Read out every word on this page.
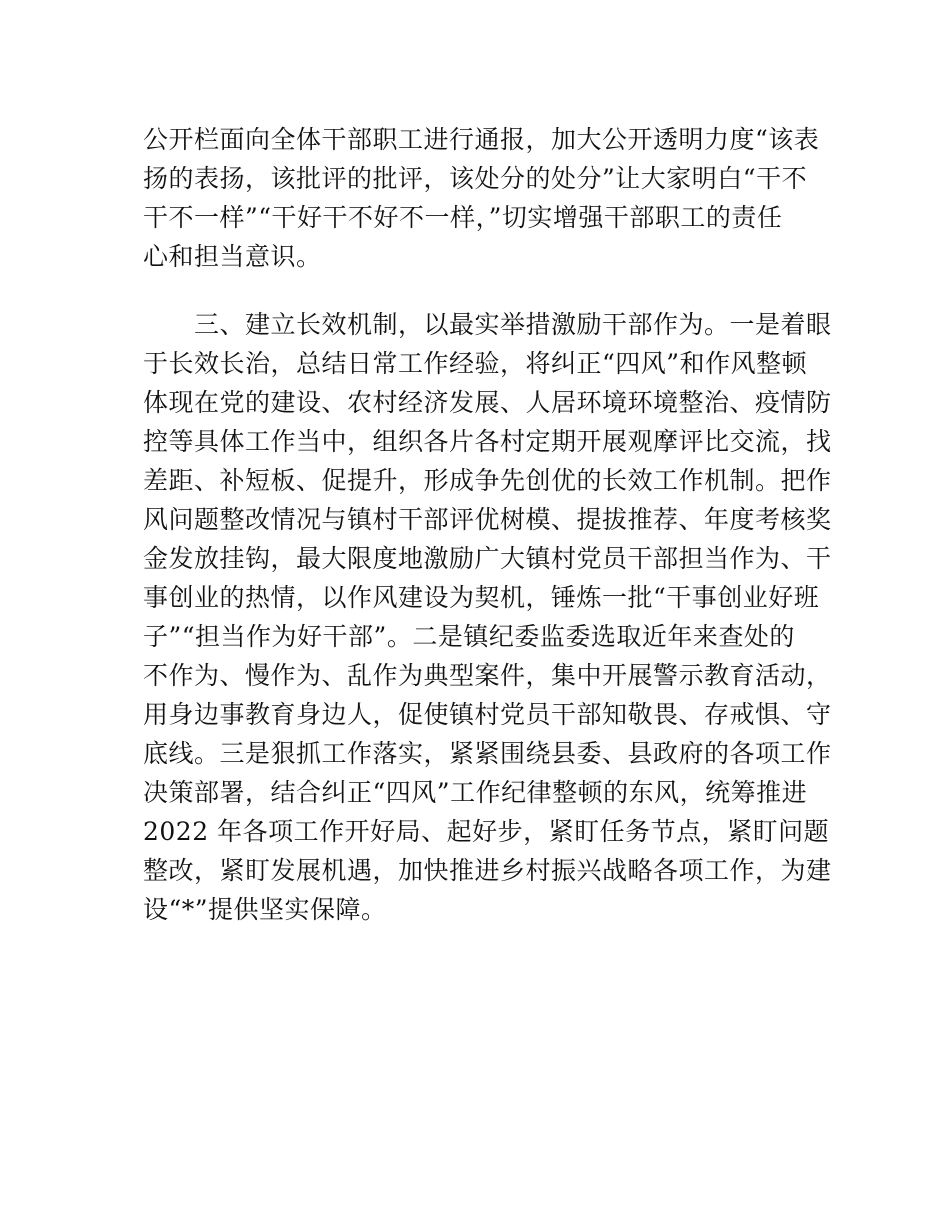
公开栏面向全体干部职工进行通报，加大公开透明力度“该表
扬的表扬，该批评的批评，该处分的处分”让大家明白“干不
干不一样”“干好干不好不一样，”切实增强干部职工的责任
心和担当意识。
　　三、建立长效机制，以最实举措激励干部作为。一是着眼
于长效长治，总结日常工作经验，将纠正“四风”和作风整顿
体现在党的建设、农村经济发展、人居环境环境整治、疫情防
控等具体工作当中，组织各片各村定期开展观摩评比交流，找
差距、补短板、促提升，形成争先创优的长效工作机制。把作
风问题整改情况与镇村干部评优树模、提拔推荐、年度考核奖
金发放挂钩，最大限度地激励广大镇村党员干部担当作为、干
事创业的热情，以作风建设为契机，锤炼一批“干事创业好班
子”“担当作为好干部”。二是镇纪委监委选取近年来查处的
不作为、慢作为、乱作为典型案件，集中开展警示教育活动，
用身边事教育身边人，促使镇村党员干部知敬畏、存戒惧、守
底线。三是狠抓工作落实，紧紧围绕县委、县政府的各项工作
决策部署，结合纠正“四风”工作纪律整顿的东风，统筹推进
2022 年各项工作开好局、起好步，紧盯任务节点，紧盯问题
整改，紧盯发展机遇，加快推进乡村振兴战略各项工作，为建
设“*”提供坚实保障。
